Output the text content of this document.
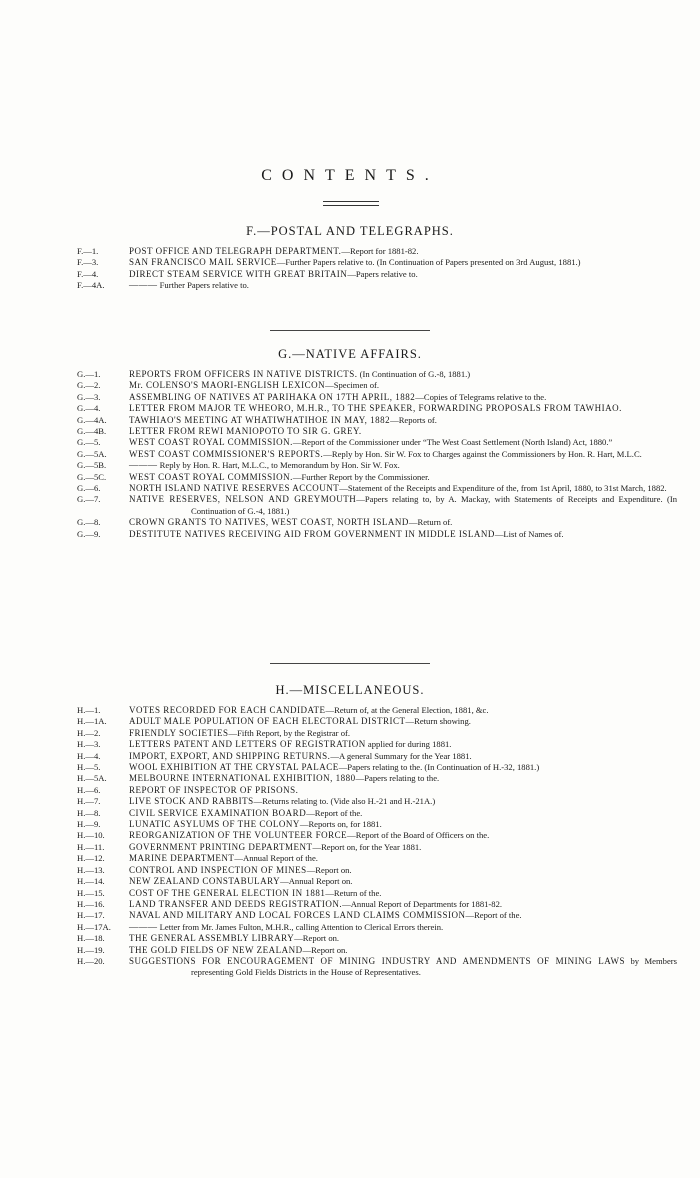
CONTENTS.
F.—POSTAL AND TELEGRAPHS.
F.—1.	POST OFFICE AND TELEGRAPH DEPARTMENT.—Report for 1881-82.
F.—3.	SAN FRANCISCO MAIL SERVICE—Further Papers relative to. (In Continuation of Papers presented on 3rd August, 1881.)
F.—4.	DIRECT STEAM SERVICE WITH GREAT BRITAIN—Papers relative to.
F.—4A.	——— Further Papers relative to.
G.—NATIVE AFFAIRS.
G.—1.	REPORTS FROM OFFICERS IN NATIVE DISTRICTS. (In Continuation of G.-8, 1881.)
G.—2.	Mr. COLENSO'S MAORI-ENGLISH LEXICON—Specimen of.
G.—3.	ASSEMBLING OF NATIVES AT PARIHAKA ON 17TH APRIL, 1882—Copies of Telegrams relative to the.
G.—4.	LETTER FROM MAJOR TE WHEORO, M.H.R., TO THE SPEAKER, FORWARDING PROPOSALS FROM TAWHIAO.
G.—4A.	TAWHIAO'S MEETING AT WHATIWHATIHOE IN MAY, 1882—Reports of.
G.—4B.	LETTER FROM REWI MANIOPOTO TO SIR G. GREY.
G.—5.	WEST COAST ROYAL COMMISSION.—Report of the Commissioner under “The West Coast Settlement (North Island) Act, 1880.”
G.—5A.	WEST COAST COMMISSIONER'S REPORTS.—Reply by Hon. Sir W. Fox to Charges against the Commissioners by Hon. R. Hart, M.L.C.
G.—5B.	——— Reply by Hon. R. Hart, M.L.C., to Memorandum by Hon. Sir W. Fox.
G.—5C.	WEST COAST ROYAL COMMISSION.—Further Report by the Commissioner.
G.—6.	NORTH ISLAND NATIVE RESERVES ACCOUNT—Statement of the Receipts and Expenditure of the, from 1st April, 1880, to 31st March, 1882.
G.—7.	NATIVE RESERVES, NELSON AND GREYMOUTH—Papers relating to, by A. Mackay, with Statements of Receipts and Expenditure. (In Continuation of G.-4, 1881.)
G.—8.	CROWN GRANTS TO NATIVES, WEST COAST, NORTH ISLAND—Return of.
G.—9.	DESTITUTE NATIVES RECEIVING AID FROM GOVERNMENT IN MIDDLE ISLAND—List of Names of.
H.—MISCELLANEOUS.
H.—1.	VOTES RECORDED FOR EACH CANDIDATE—Return of, at the General Election, 1881, &c.
H.—1A.	ADULT MALE POPULATION OF EACH ELECTORAL DISTRICT—Return showing.
H.—2.	FRIENDLY SOCIETIES—Fifth Report, by the Registrar of.
H.—3.	LETTERS PATENT AND LETTERS OF REGISTRATION applied for during 1881.
H.—4.	IMPORT, EXPORT, AND SHIPPING RETURNS.—A general Summary for the Year 1881.
H.—5.	WOOL EXHIBITION AT THE CRYSTAL PALACE—Papers relating to the. (In Continuation of H.-32, 1881.)
H.—5A.	MELBOURNE INTERNATIONAL EXHIBITION, 1880—Papers relating to the.
H.—6.	REPORT OF INSPECTOR OF PRISONS.
H.—7.	LIVE STOCK AND RABBITS—Returns relating to. (Vide also H.-21 and H.-21A.)
H.—8.	CIVIL SERVICE EXAMINATION BOARD—Report of the.
H.—9.	LUNATIC ASYLUMS OF THE COLONY—Reports on, for 1881.
H.—10.	REORGANIZATION OF THE VOLUNTEER FORCE—Report of the Board of Officers on the.
H.—11.	GOVERNMENT PRINTING DEPARTMENT—Report on, for the Year 1881.
H.—12.	MARINE DEPARTMENT—Annual Report of the.
H.—13.	CONTROL AND INSPECTION OF MINES—Report on.
H.—14.	NEW ZEALAND CONSTABULARY—Annual Report on.
H.—15.	COST OF THE GENERAL ELECTION IN 1881—Return of the.
H.—16.	LAND TRANSFER AND DEEDS REGISTRATION.—Annual Report of Departments for 1881-82.
H.—17.	NAVAL AND MILITARY AND LOCAL FORCES LAND CLAIMS COMMISSION—Report of the.
H.—17A.	——— Letter from Mr. James Fulton, M.H.R., calling Attention to Clerical Errors therein.
H.—18.	THE GENERAL ASSEMBLY LIBRARY—Report on.
H.—19.	THE GOLD FIELDS OF NEW ZEALAND—Report on.
H.—20.	SUGGESTIONS FOR ENCOURAGEMENT OF MINING INDUSTRY AND AMENDMENTS OF MINING LAWS by Members representing Gold Fields Districts in the House of Representatives.
